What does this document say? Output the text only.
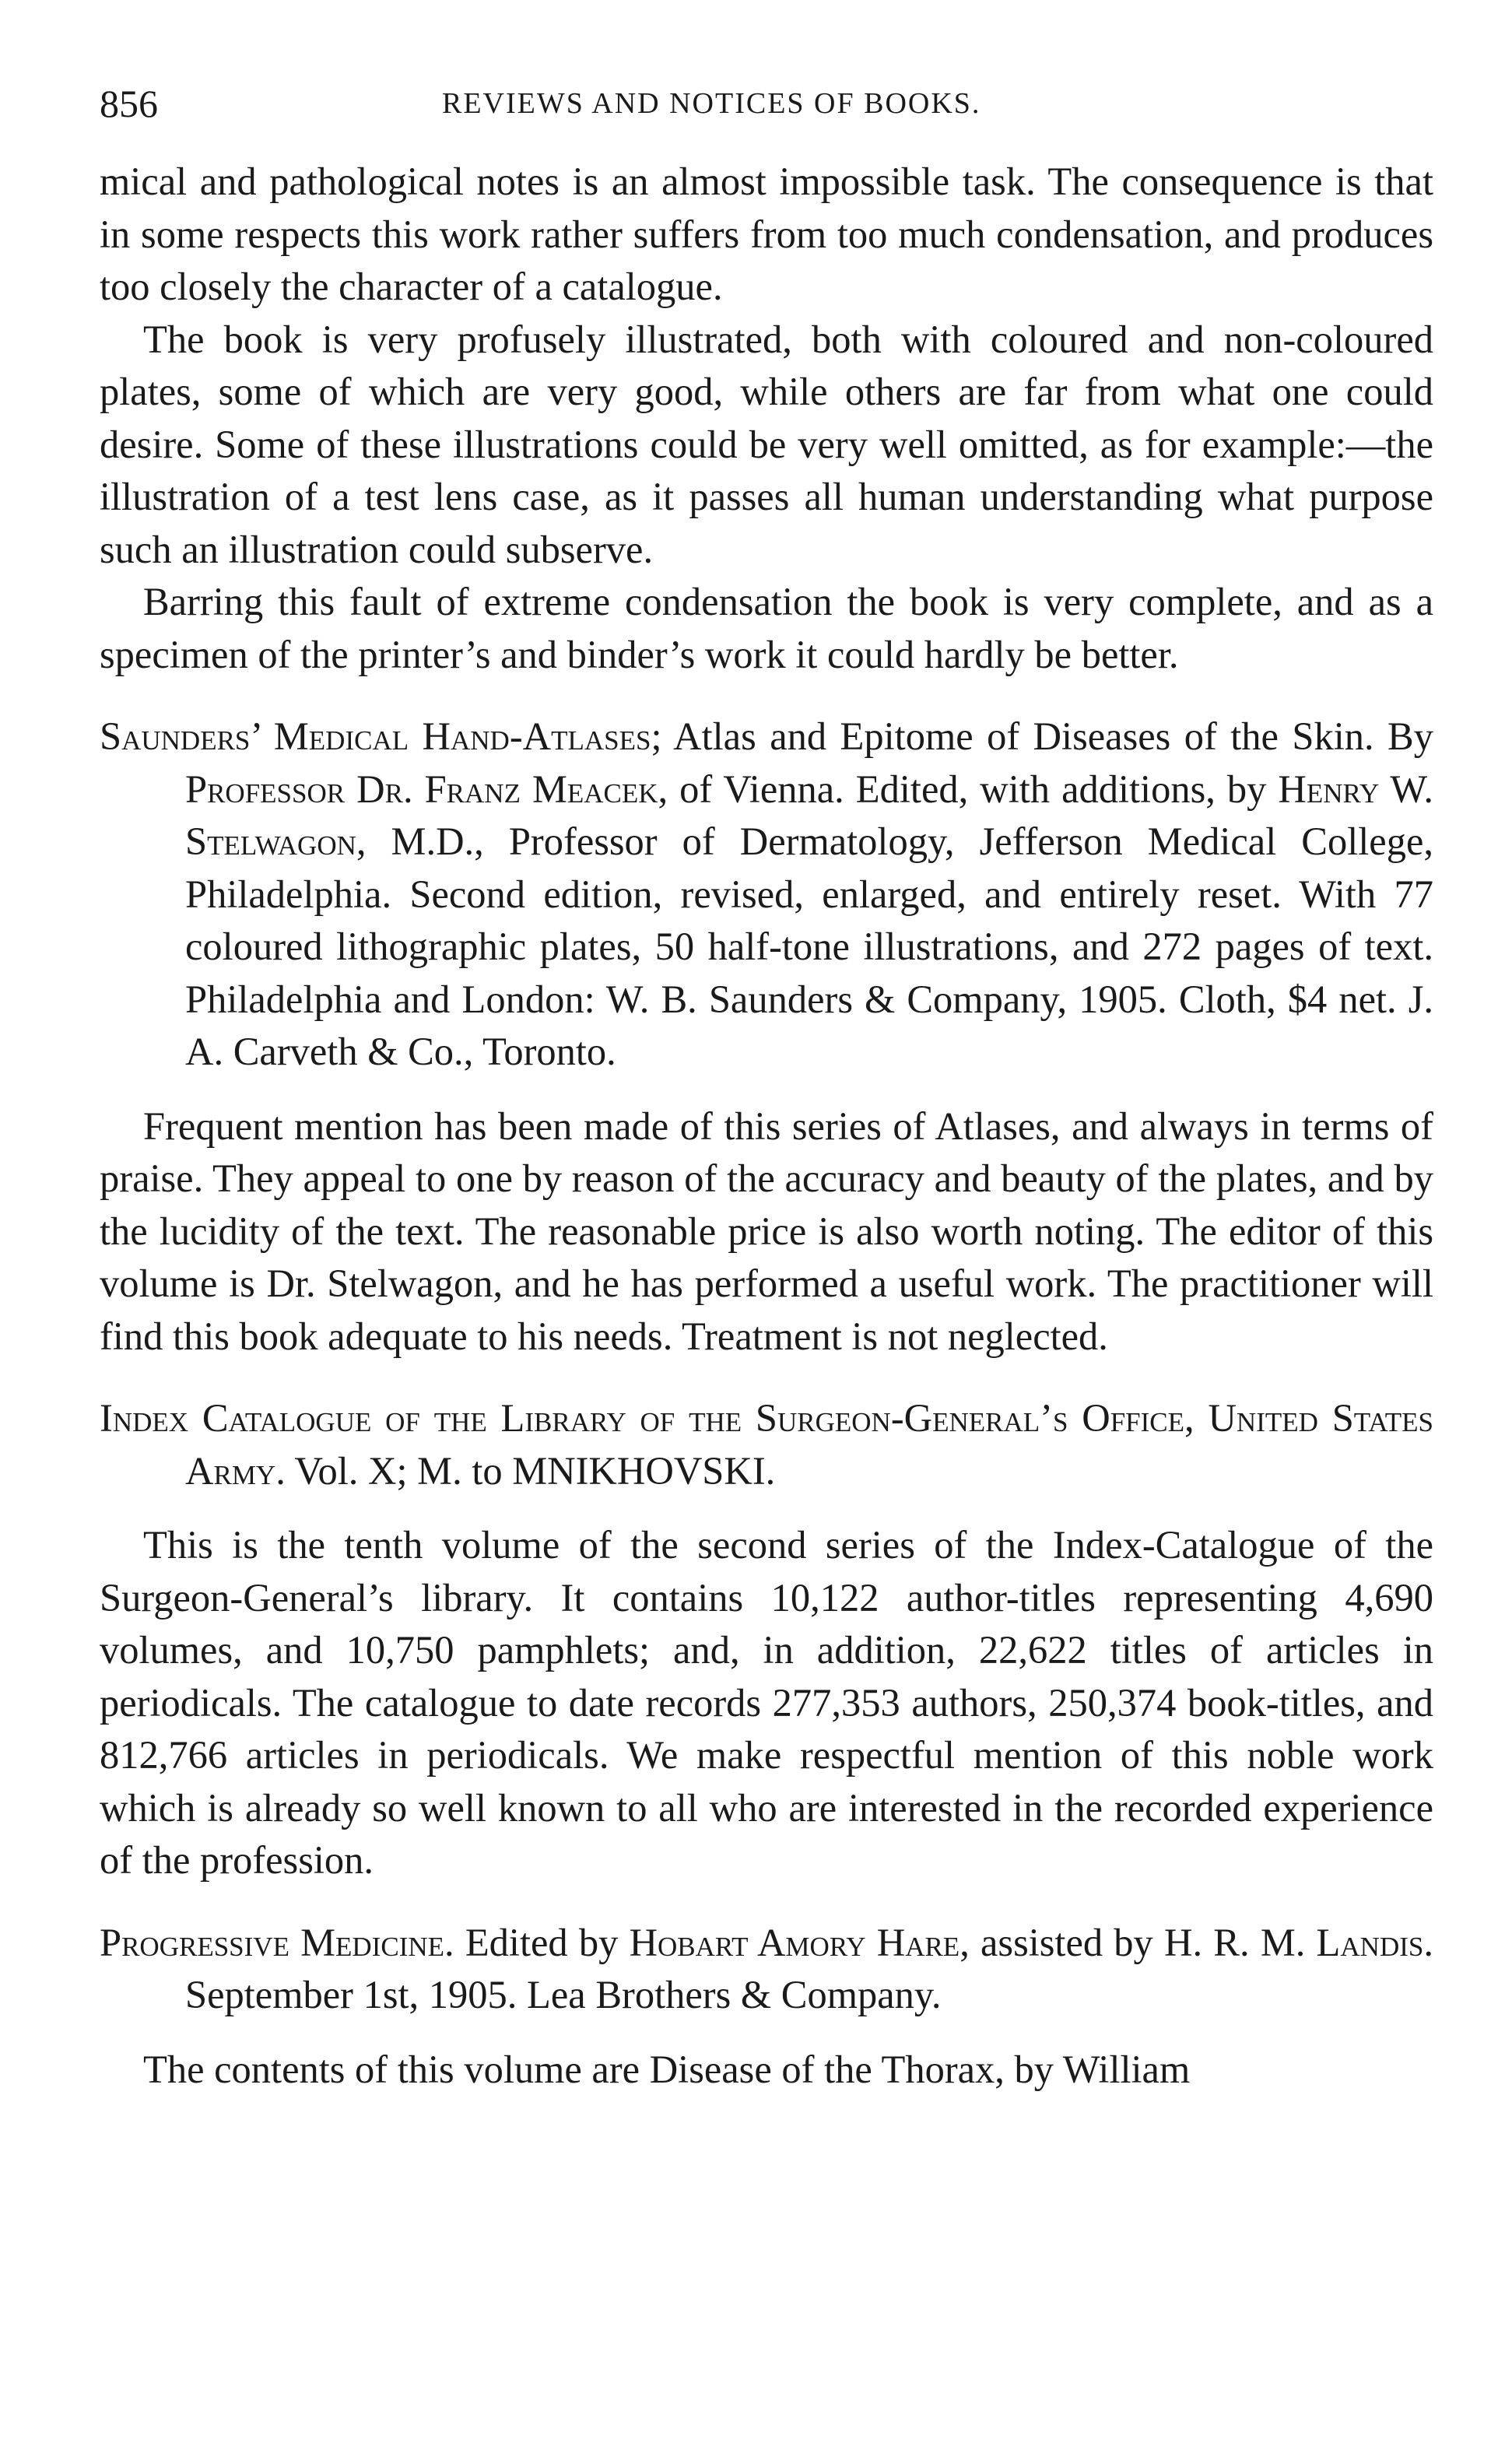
856	REVIEWS AND NOTICES OF BOOKS.

mical and pathological notes is an almost impossible task. The consequence is that in some respects this work rather suffers from too much condensation, and produces too closely the character of a catalogue.

The book is very profusely illustrated, both with coloured and non-coloured plates, some of which are very good, while others are far from what one could desire. Some of these illustrations could be very well omitted, as for example:—the illustration of a test lens case, as it passes all human understanding what purpose such an illustration could subserve.

Barring this fault of extreme condensation the book is very complete, and as a specimen of the printer’s and binder’s work it could hardly be better.

Saunders’ Medical Hand-Atlases; Atlas and Epitome of Diseases of the Skin. By Professor Dr. Franz Meacek, of Vienna. Edited, with additions, by Henry W. Stelwagon, M.D., Professor of Dermatology, Jefferson Medical College, Philadelphia. Second edition, revised, enlarged, and entirely reset. With 77 coloured lithographic plates, 50 half-tone illustrations, and 272 pages of text. Philadelphia and London: W. B. Saunders & Company, 1905. Cloth, $4 net. J. A. Carveth & Co., Toronto.

Frequent mention has been made of this series of Atlases, and always in terms of praise. They appeal to one by reason of the accuracy and beauty of the plates, and by the lucidity of the text. The reasonable price is also worth noting. The editor of this volume is Dr. Stelwagon, and he has performed a useful work. The practitioner will find this book adequate to his needs. Treatment is not neglected.

Index Catalogue of the Library of the Surgeon-General’s Office, United States Army. Vol. X; M. to MNIKHOVSKI.

This is the tenth volume of the second series of the Index-Catalogue of the Surgeon-General’s library. It contains 10,122 author-titles representing 4,690 volumes, and 10,750 pamphlets; and, in addition, 22,622 titles of articles in periodicals. The catalogue to date records 277,353 authors, 250,374 book-titles, and 812,766 articles in periodicals. We make respectful mention of this noble work which is already so well known to all who are interested in the recorded experience of the profession.

Progressive Medicine. Edited by Hobart Amory Hare, assisted by H. R. M. Landis. September 1st, 1905. Lea Brothers & Company.

The contents of this volume are Disease of the Thorax, by William
